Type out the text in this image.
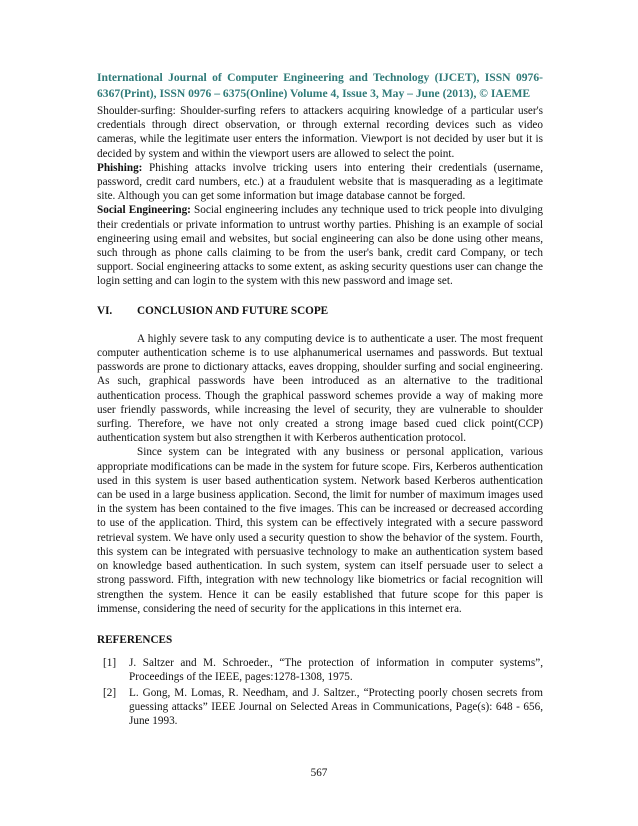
International Journal of Computer Engineering and Technology (IJCET), ISSN 0976-6367(Print), ISSN 0976 – 6375(Online) Volume 4, Issue 3, May – June (2013), © IAEME

Shoulder-surfing: Shoulder-surfing refers to attackers acquiring knowledge of a particular user's credentials through direct observation, or through external recording devices such as video cameras, while the legitimate user enters the information. Viewport is not decided by user but it is decided by system and within the viewport users are allowed to select the point.

Phishing: Phishing attacks involve tricking users into entering their credentials (username, password, credit card numbers, etc.) at a fraudulent website that is masquerading as a legitimate site. Although you can get some information but image database cannot be forged.

Social Engineering: Social engineering includes any technique used to trick people into divulging their credentials or private information to untrust worthy parties. Phishing is an example of social engineering using email and websites, but social engineering can also be done using other means, such through as phone calls claiming to be from the user's bank, credit card Company, or tech support. Social engineering attacks to some extent, as asking security questions user can change the login setting and can login to the system with this new password and image set.

VI.	CONCLUSION AND FUTURE SCOPE

A highly severe task to any computing device is to authenticate a user. The most frequent computer authentication scheme is to use alphanumerical usernames and passwords. But textual passwords are prone to dictionary attacks, eaves dropping, shoulder surfing and social engineering. As such, graphical passwords have been introduced as an alternative to the traditional authentication process. Though the graphical password schemes provide a way of making more user friendly passwords, while increasing the level of security, they are vulnerable to shoulder surfing. Therefore, we have not only created a strong image based cued click point(CCP) authentication system but also strengthen it with Kerberos authentication protocol.

Since system can be integrated with any business or personal application, various appropriate modifications can be made in the system for future scope. Firs, Kerberos authentication used in this system is user based authentication system. Network based Kerberos authentication can be used in a large business application. Second, the limit for number of maximum images used in the system has been contained to the five images. This can be increased or decreased according to use of the application. Third, this system can be effectively integrated with a secure password retrieval system. We have only used a security question to show the behavior of the system. Fourth, this system can be integrated with persuasive technology to make an authentication system based on knowledge based authentication. In such system, system can itself persuade user to select a strong password. Fifth, integration with new technology like biometrics or facial recognition will strengthen the system. Hence it can be easily established that future scope for this paper is immense, considering the need of security for the applications in this internet era.

REFERENCES
[1]	J. Saltzer and M. Schroeder., “The protection of information in computer systems”, Proceedings of the IEEE, pages:1278-1308, 1975.
[2]	L. Gong, M. Lomas, R. Needham, and J. Saltzer., “Protecting poorly chosen secrets from guessing attacks” IEEE Journal on Selected Areas in Communications, Page(s): 648 - 656, June 1993.
567
